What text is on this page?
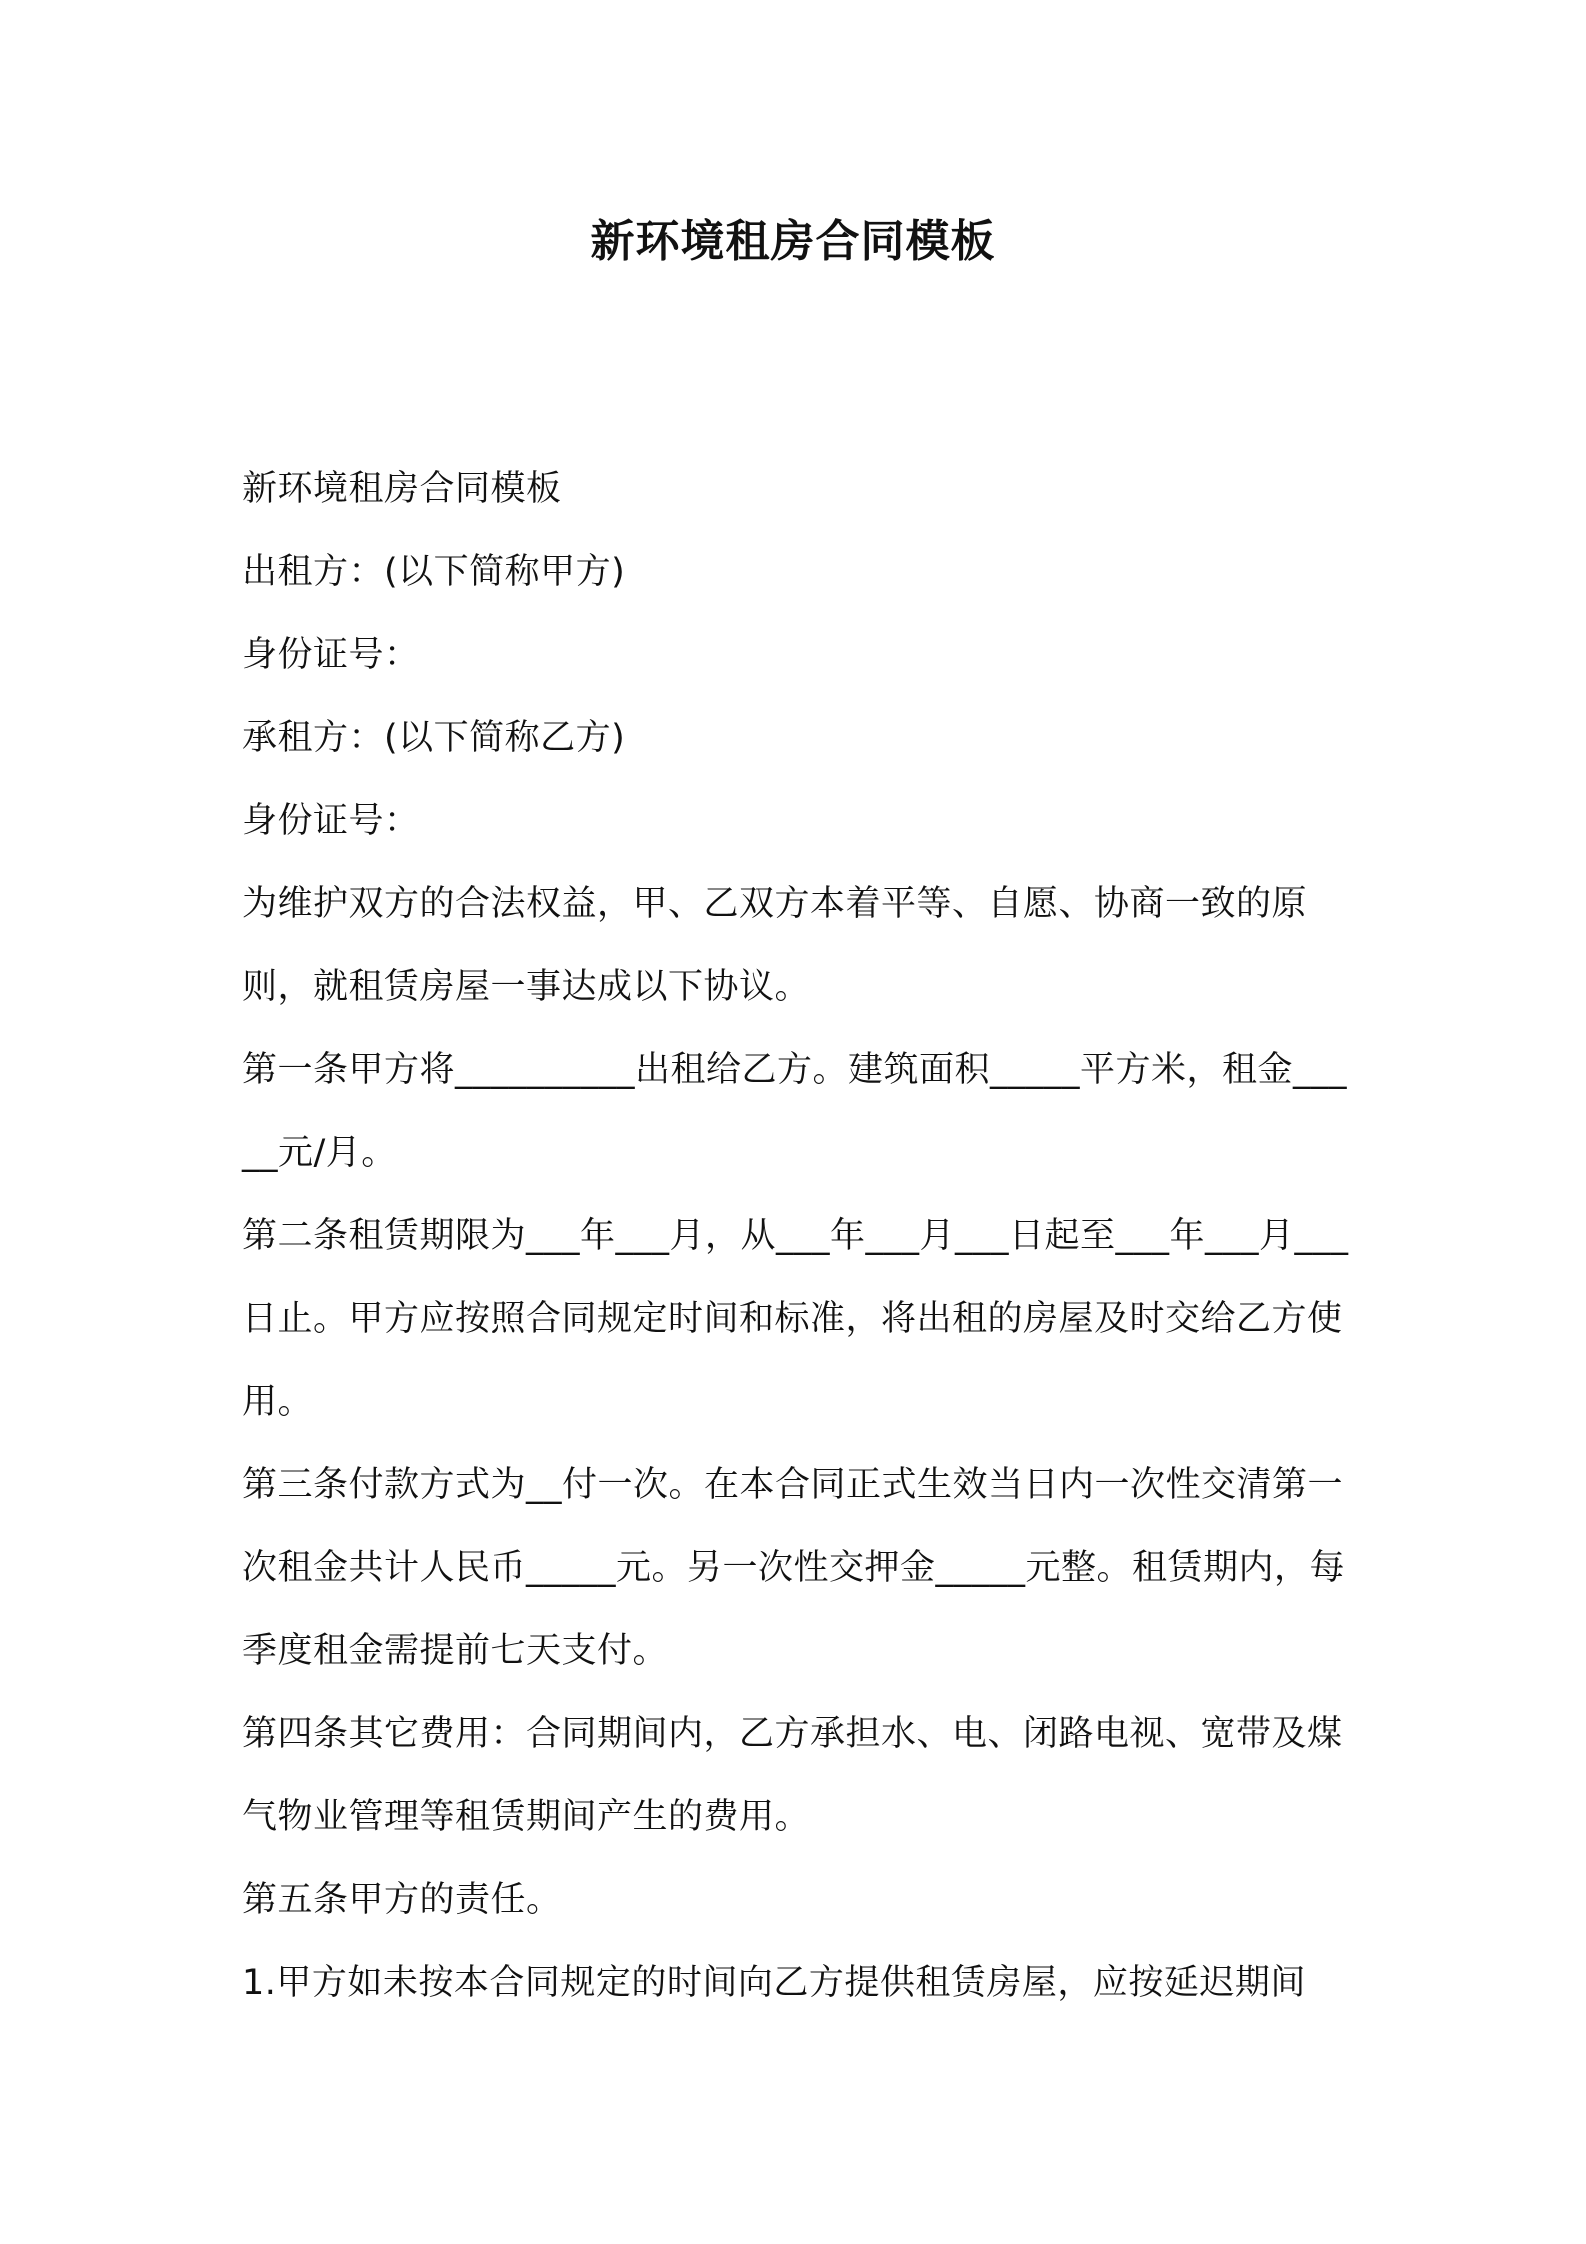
新环境租房合同模板

新环境租房合同模板

出租方：(以下简称甲方)

身份证号：

承租方：(以下简称乙方)

身份证号：

为维护双方的合法权益，甲、乙双方本着平等、自愿、协商一致的原则，就租赁房屋一事达成以下协议。

第一条甲方将__________出租给乙方。建筑面积_____平方米，租金_____元/月。

第二条租赁期限为___年___月，从___年___月___日起至___年___月___日止。甲方应按照合同规定时间和标准，将出租的房屋及时交给乙方使用。

第三条付款方式为__付一次。在本合同正式生效当日内一次性交清第一次租金共计人民币_____元。另一次性交押金_____元整。租赁期内，每季度租金需提前七天支付。

第四条其它费用：合同期间内，乙方承担水、电、闭路电视、宽带及煤气物业管理等租赁期间产生的费用。

第五条甲方的责任。

1.甲方如未按本合同规定的时间向乙方提供租赁房屋，应按延迟期间
